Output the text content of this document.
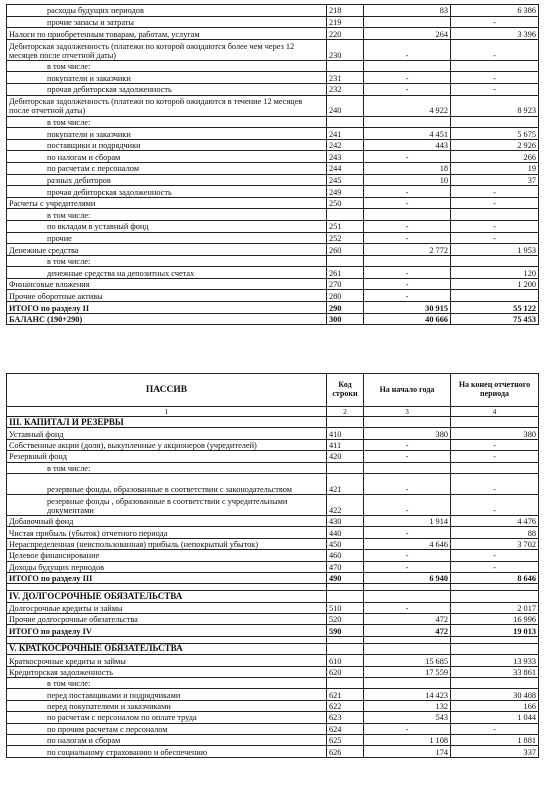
расходы будущих периодов	218	83	6 386
прочие запасы и затраты	219		-
Налоги по приобретенным товарам, работам, услугам	220	264	3 396
Дебиторская задолженность (платежи по которой ожидаются более чем через 12 месяцев после отчетной даты)	230	-	-
в том числе:			
покупатели и заказчики	231	-	-
прочая дебиторская задолженность	232	-	-
Дебиторская задолженность (платежи по которой ожидаются в течение 12 месяцев после отчетной даты)	240	4 922	8 923
в том числе:			
покупатели и заказчики	241	4 451	5 675
поставщики и подрядчики	242	443	2 926
по налогам и сборам	243	-	266
по расчетам с персоналом	244	18	19
разных дебиторов	245	10	37
прочая дебиторская задолженность	249	-	-
Расчеты с учредителями	250	-	-
в том числе:			
по вкладам в уставный фонд	251	-	-
прочие	252	-	-
Денежные средства	260	2 772	1 953
в том числе:			
денежные средства на депозитных счетах	261	-	120
Финансовые вложения	270	-	1 200
Прочие оборотные активы	280	-	
ИТОГО по разделу II	290	30 915	55 122
БАЛАНС (190+290)	300	40 666	75 453
ПАССИВ	Код строки	На начало года	На конец отчетного периода
1	2	3	4
III. КАПИТАЛ И РЕЗЕРВЫ			
Уставный фонд	410	380	380
Собственные акции (доли), выкупленные у акционеров (учредителей)	411	-	-
Резервный фонд	420	-	-
в том числе:			
резервные фонды, образованные в соответствии с законодательством	421	-	-
резервные фонды , образованные в соответствии с учредительными документами	422	-	-
Добавочный фонд	430	1 914	4 476
Чистая прибыль (убыток) отчетного периода	440	-	88
Нераспределенная (неиспользованная) прибыль (непокрытый убыток)	450	4 646	3 702
Целевое финансирование	460	-	-
Доходы будущих периодов	470	-	-
ИТОГО по разделу III	490	6 940	8 646

IV. ДОЛГОСРОЧНЫЕ ОБЯЗАТЕЛЬСТВА			
Долгосрочные кредиты и займы	510	-	2 017
Прочие долгосрочные обязательства	520	472	16 996
ИТОГО по разделу IV	590	472	19 013

V. КРАТКОСРОЧНЫЕ ОБЯЗАТЕЛЬСТВА			
Краткосрочные кредиты и займы	610	15 685	13 933
Кредиторская задолженность	620	17 559	33 861
в том числе:			
перед поставщиками и подрядчиками	621	14 423	30 408
перед покупателями и заказчиками	622	132	166
по расчетам с персоналом по оплате труда	623	543	1 044
по прочим расчетам с персоналом	624	-	-
по налогам и сборам	625	1 108	1 881
по социальному страхованию и обеспечению	626	174	337
